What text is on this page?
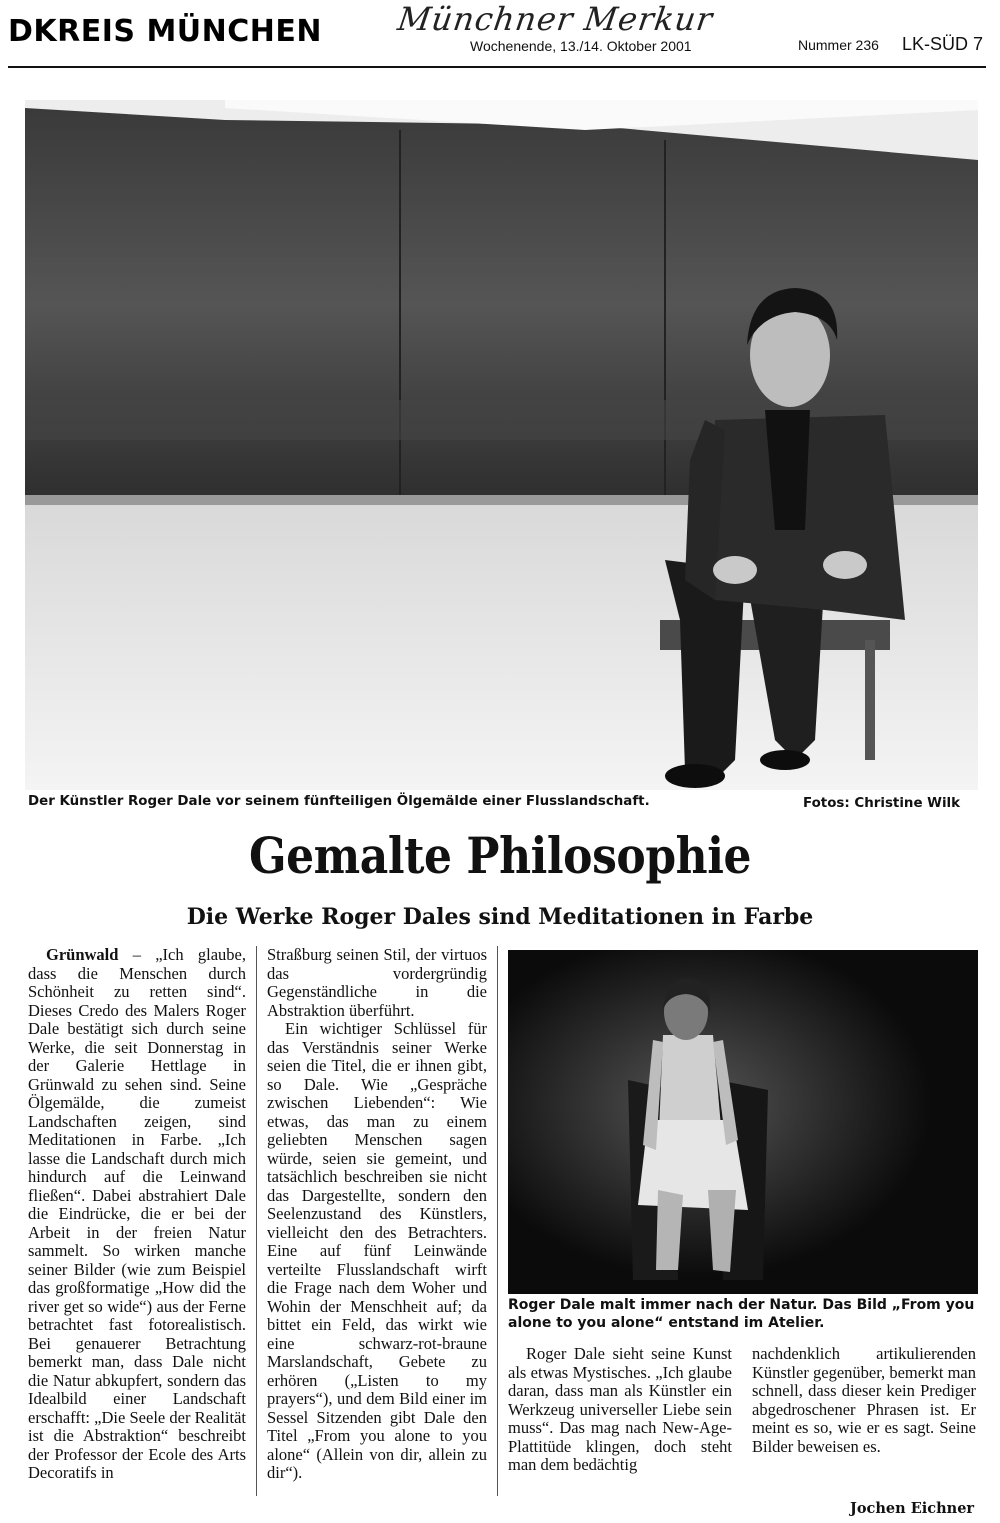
DKREIS MÜNCHEN Münchner Merkur
Wochenende, 13./14. Oktober 2001	Nummer 236 LK-SÜD 7
Der Künstler Roger Dale vor seinem fünfteiligen Ölgemälde einer Flusslandschaft.	Fotos: Christine Wilk
Gemalte Philosophie
Die Werke Roger Dales sind Meditationen in Farbe

Grünwald – „Ich glaube, dass die Menschen durch Schönheit zu retten sind“. Dieses Credo des Malers Roger Dale bestätigt sich durch seine Werke, die seit Donnerstag in der Galerie Hettlage in Grünwald zu sehen sind. Seine Ölgemälde, die zumeist Landschaften zeigen, sind Meditationen in Farbe. „Ich lasse die Landschaft durch mich hindurch auf die Leinwand fließen“. Dabei abstrahiert Dale die Eindrücke, die er bei der Arbeit in der freien Natur sammelt. So wirken manche seiner Bilder (wie zum Beispiel das großformatige „How did the river get so wide“) aus der Ferne betrachtet fast fotorealistisch. Bei genauerer Betrachtung bemerkt man, dass Dale nicht die Natur abkupfert, sondern das Idealbild einer Landschaft erschafft: „Die Seele der Realität ist die Abstraktion“ beschreibt der Professor der Ecole des Arts Decoratifs in

Straßburg seinen Stil, der virtuos das vordergründig Gegenständliche in die Abstraktion überführt.

Ein wichtiger Schlüssel für das Verständnis seiner Werke seien die Titel, die er ihnen gibt, so Dale. Wie „Gespräche zwischen Liebenden“: Wie etwas, das man zu einem geliebten Menschen sagen würde, seien sie gemeint, und tatsächlich beschreiben sie nicht das Dargestellte, sondern den Seelenzustand des Künstlers, vielleicht den des Betrachters. Eine auf fünf Leinwände verteilte Flusslandschaft wirft die Frage nach dem Woher und Wohin der Menschheit auf; da bittet ein Feld, das wirkt wie eine schwarz-rot-braune Marslandschaft, Gebete zu erhören („Listen to my prayers“), und dem Bild einer im Sessel Sitzenden gibt Dale den Titel „From you alone to you alone“ (Allein von dir, allein zu dir“).

Roger Dale malt immer nach der Natur. Das Bild „From you alone to you alone“ entstand im Atelier.

Roger Dale sieht seine Kunst als etwas Mystisches. „Ich glaube daran, dass man als Künstler ein Werkzeug universeller Liebe sein muss“. Das mag nach New-Age-Plattitüde klingen, doch steht man dem bedächtig

nachdenklich artikulierenden Künstler gegenüber, bemerkt man schnell, dass dieser kein Prediger abgedroschener Phrasen ist. Er meint es so, wie er es sagt. Seine Bilder beweisen es.

Jochen Eichner
